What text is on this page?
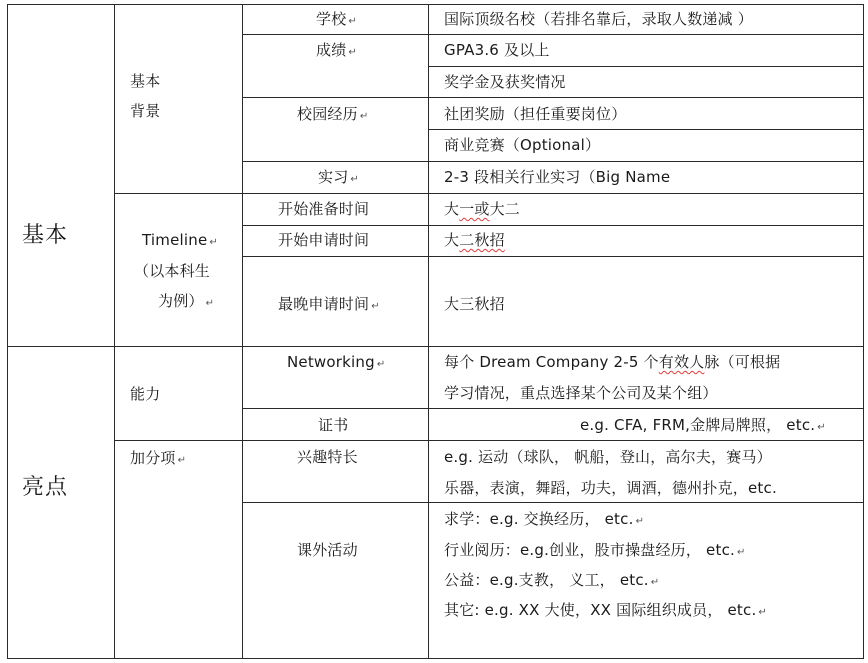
基本
亮点
基本
背景
Timeline ↵
（以本科生
为例） ↵
能力
加分项 ↵
学校 ↵
成绩 ↵
校园经历 ↵
实习 ↵
开始准备时间
开始申请时间
最晚申请时间 ↵
Networking ↵
证书
兴趣特长
课外活动
国际顶级名校（若排名靠后，录取人数递减 ）
GPA3.6 及以上
奖学金及获奖情况
社团奖励（担任重要岗位）
商业竞赛（Optional）
2-3 段相关行业实习（Big Name
大一或大二
大二秋招
大三秋招
每个 Dream Company 2-5 个有效人脉（可根据
学习情况，重点选择某个公司及某个组）
e.g. CFA, FRM,金牌局牌照， etc. ↵
e.g. 运动（球队， 帆船，登山，高尔夫，赛马）
乐器，表演，舞蹈，功夫，调酒，德州扑克，etc.
求学：e.g. 交换经历， etc. ↵
行业阅历：e.g.创业，股市操盘经历， etc. ↵
公益：e.g.支教， 义工， etc. ↵
其它: e.g. XX 大使，XX 国际组织成员， etc. ↵
